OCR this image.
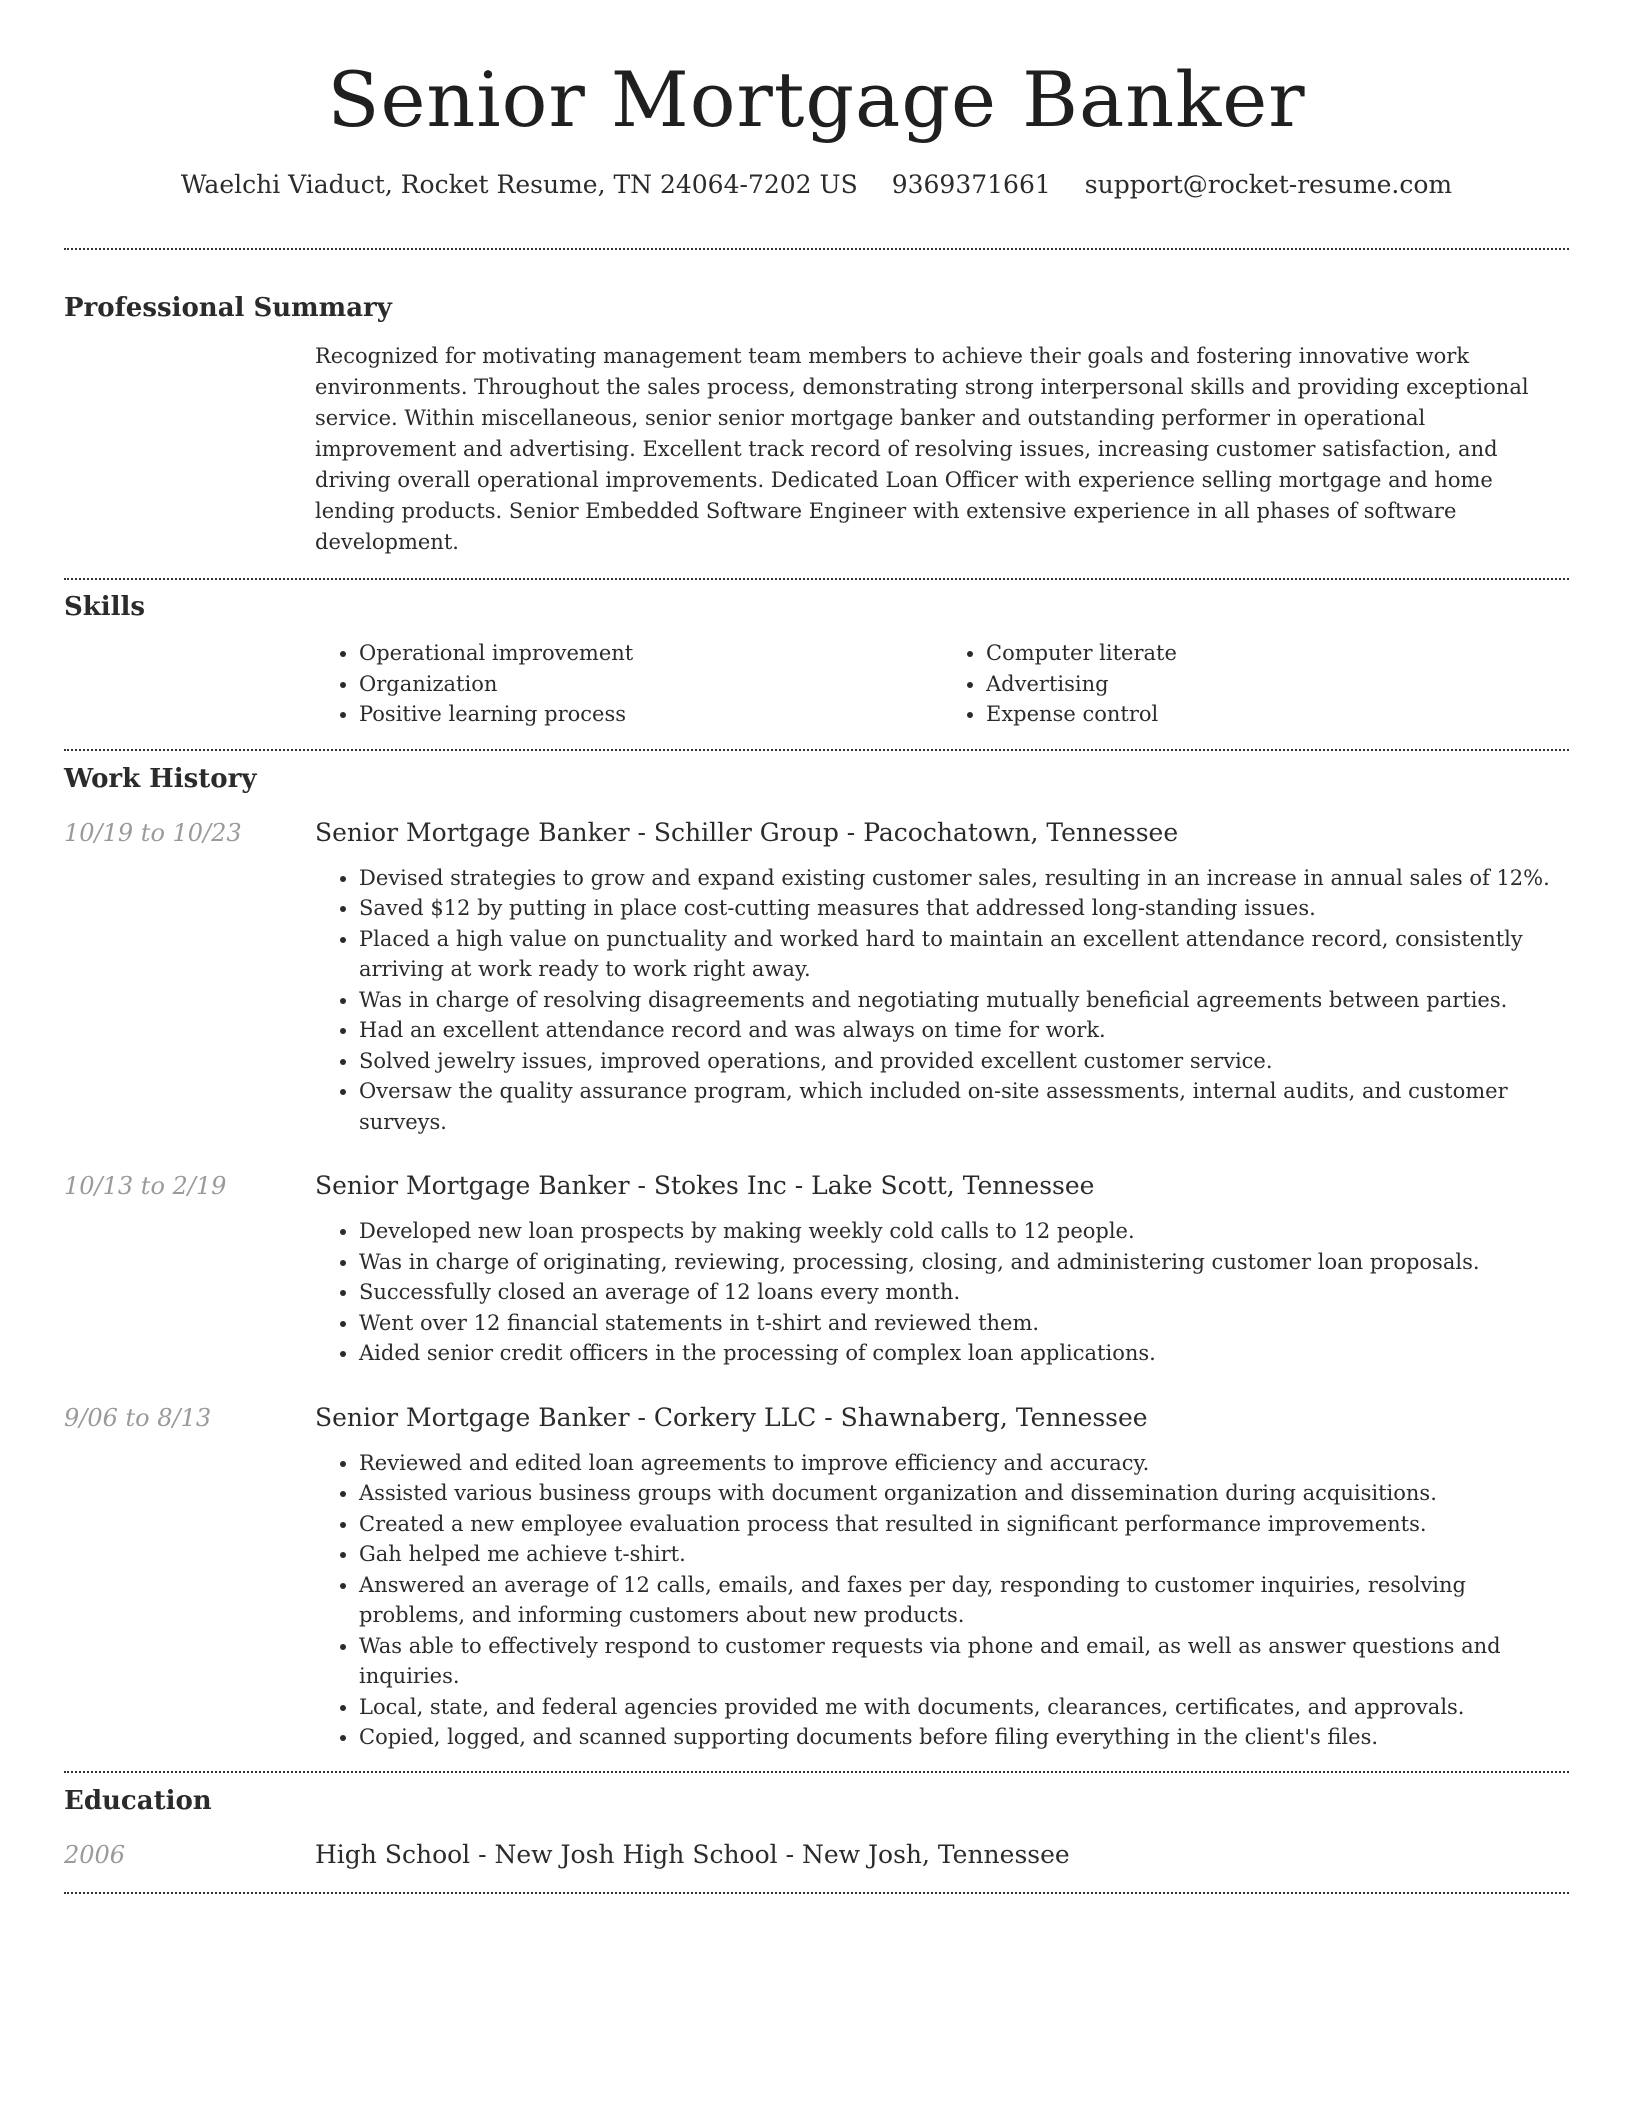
Senior Mortgage Banker
Waelchi Viaduct, Rocket Resume, TN 24064-7202 US 9369371661 support@rocket-resume.com
Professional Summary

Recognized for motivating management team members to achieve their goals and fostering innovative work environments. Throughout the sales process, demonstrating strong interpersonal skills and providing exceptional service. Within miscellaneous, senior senior mortgage banker and outstanding performer in operational improvement and advertising. Excellent track record of resolving issues, increasing customer satisfaction, and driving overall operational improvements. Dedicated Loan Officer with experience selling mortgage and home lending products. Senior Embedded Software Engineer with extensive experience in all phases of software development.

Skills
• Operational improvement
• Organization
• Positive learning process
• Computer literate
• Advertising
• Expense control
Work History
10/19 to 10/23	Senior Mortgage Banker - Schiller Group - Pacochatown, Tennessee
• Devised strategies to grow and expand existing customer sales, resulting in an increase in annual sales of 12%.
• Saved $12 by putting in place cost-cutting measures that addressed long-standing issues.
• Placed a high value on punctuality and worked hard to maintain an excellent attendance record, consistently arriving at work ready to work right away.
• Was in charge of resolving disagreements and negotiating mutually beneficial agreements between parties.
• Had an excellent attendance record and was always on time for work.
• Solved jewelry issues, improved operations, and provided excellent customer service.
• Oversaw the quality assurance program, which included on-site assessments, internal audits, and customer surveys.
10/13 to 2/19	Senior Mortgage Banker - Stokes Inc - Lake Scott, Tennessee
• Developed new loan prospects by making weekly cold calls to 12 people.
• Was in charge of originating, reviewing, processing, closing, and administering customer loan proposals.
• Successfully closed an average of 12 loans every month.
• Went over 12 financial statements in t-shirt and reviewed them.
• Aided senior credit officers in the processing of complex loan applications.
9/06 to 8/13	Senior Mortgage Banker - Corkery LLC - Shawnaberg, Tennessee
• Reviewed and edited loan agreements to improve efficiency and accuracy.
• Assisted various business groups with document organization and dissemination during acquisitions.
• Created a new employee evaluation process that resulted in significant performance improvements.
• Gah helped me achieve t-shirt.
• Answered an average of 12 calls, emails, and faxes per day, responding to customer inquiries, resolving problems, and informing customers about new products.
• Was able to effectively respond to customer requests via phone and email, as well as answer questions and inquiries.
• Local, state, and federal agencies provided me with documents, clearances, certificates, and approvals.
• Copied, logged, and scanned supporting documents before filing everything in the client's files.
Education
2006	High School - New Josh High School - New Josh, Tennessee
